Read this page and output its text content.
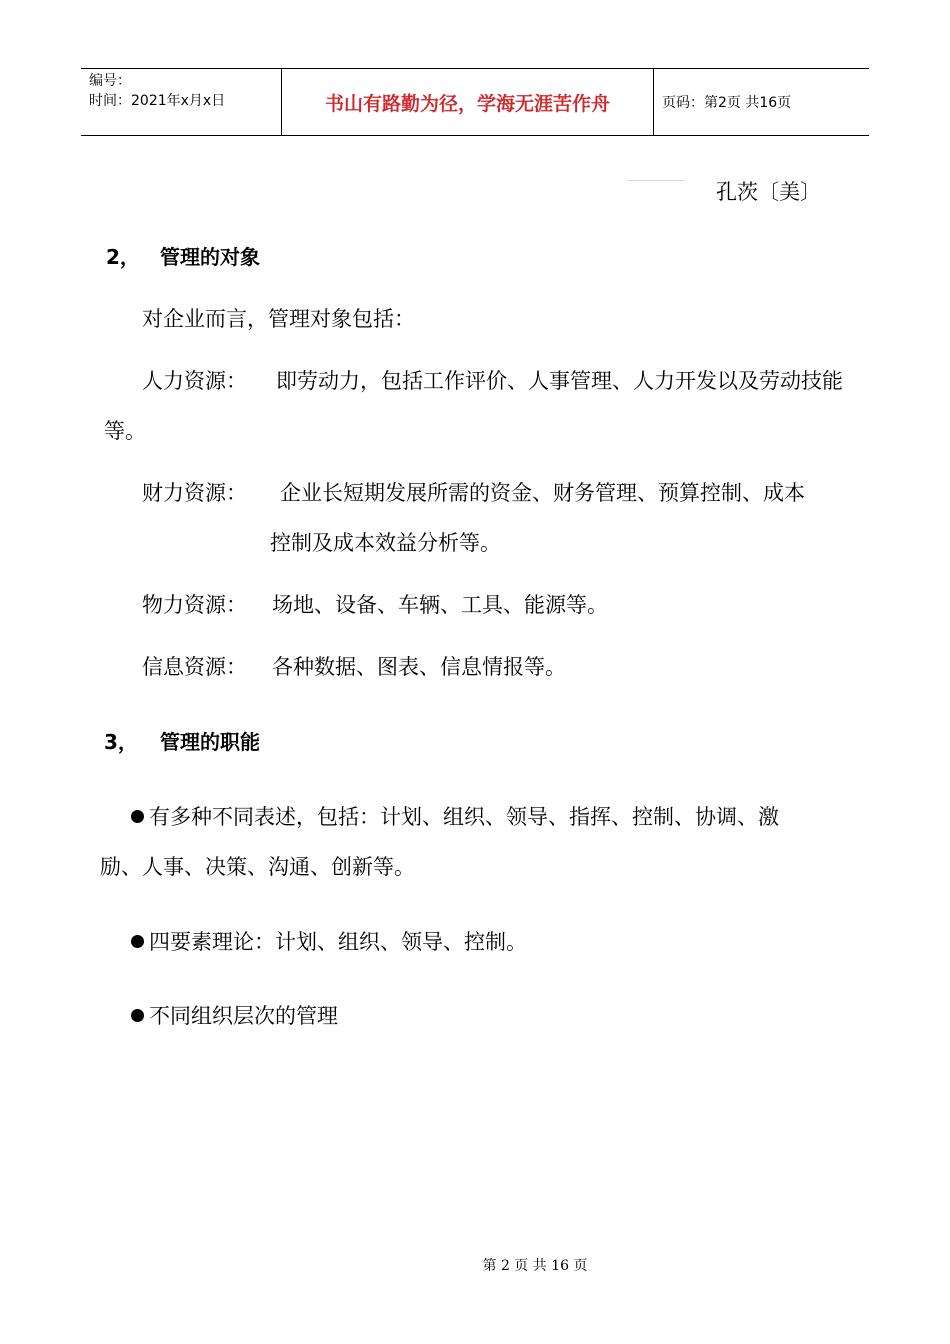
编号：
时间：2021年x月x日	书山有路勤为径，学海无涯苦作舟	页码：第2页 共16页
孔茨〔美〕
2， 管理的对象
对企业而言，管理对象包括：
人力资源： 即劳动力，包括工作评价、人事管理、人力开发以及劳动技能
等。
财力资源： 企业长短期发展所需的资金、财务管理、预算控制、成本
控制及成本效益分析等。
物力资源： 场地、设备、车辆、工具、能源等。
信息资源： 各种数据、图表、信息情报等。
3， 管理的职能
有多种不同表述，包括：计划、组织、领导、指挥、控制、协调、激
励、人事、决策、沟通、创新等。
四要素理论：计划、组织、领导、控制。
不同组织层次的管理
第 2 页 共 16 页
